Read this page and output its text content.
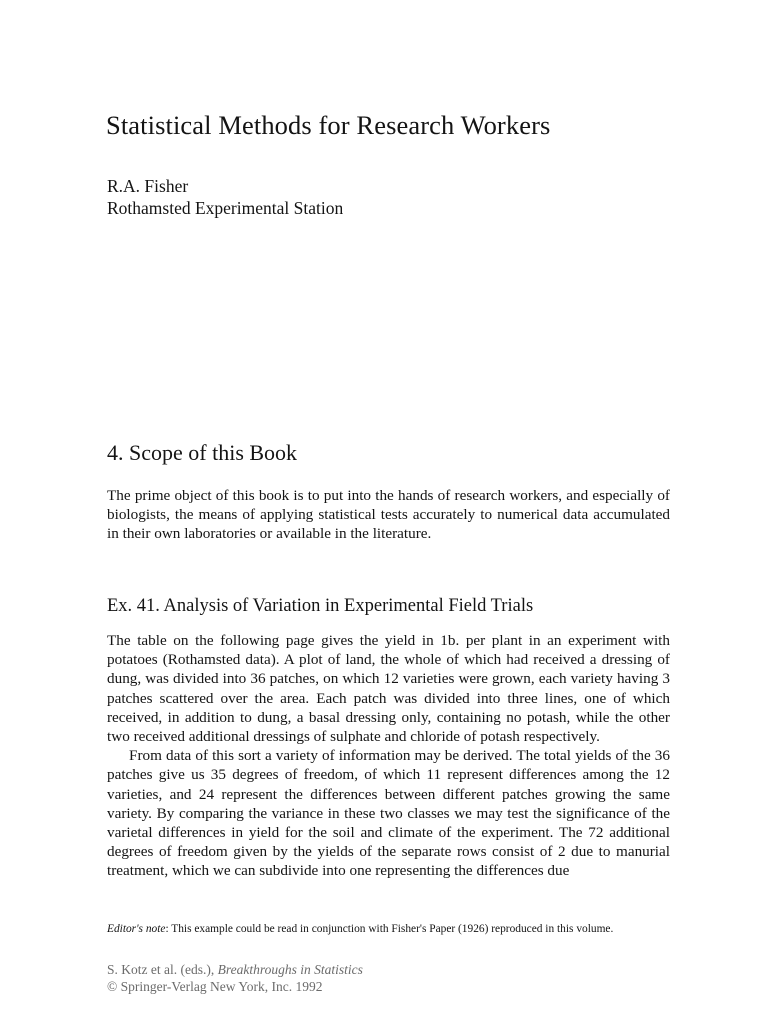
Statistical Methods for Research Workers
R.A. Fisher
Rothamsted Experimental Station
4. Scope of this Book

The prime object of this book is to put into the hands of research workers, and especially of biologists, the means of applying statistical tests accurately to numerical data accumulated in their own laboratories or available in the literature.

Ex. 41. Analysis of Variation in Experimental Field Trials

The table on the following page gives the yield in 1b. per plant in an experiment with potatoes (Rothamsted data). A plot of land, the whole of which had received a dressing of dung, was divided into 36 patches, on which 12 varieties were grown, each variety having 3 patches scattered over the area. Each patch was divided into three lines, one of which received, in addition to dung, a basal dressing only, containing no potash, while the other two received additional dressings of sulphate and chloride of potash respectively.

From data of this sort a variety of information may be derived. The total yields of the 36 patches give us 35 degrees of freedom, of which 11 represent differences among the 12 varieties, and 24 represent the differences between different patches growing the same variety. By comparing the variance in these two classes we may test the significance of the varietal differences in yield for the soil and climate of the experiment. The 72 additional degrees of freedom given by the yields of the separate rows consist of 2 due to manurial treatment, which we can subdivide into one representing the differences due

Editor's note: This example could be read in conjunction with Fisher's Paper (1926) reproduced in this volume.
S. Kotz et al. (eds.), Breakthroughs in Statistics
© Springer-Verlag New York, Inc. 1992
